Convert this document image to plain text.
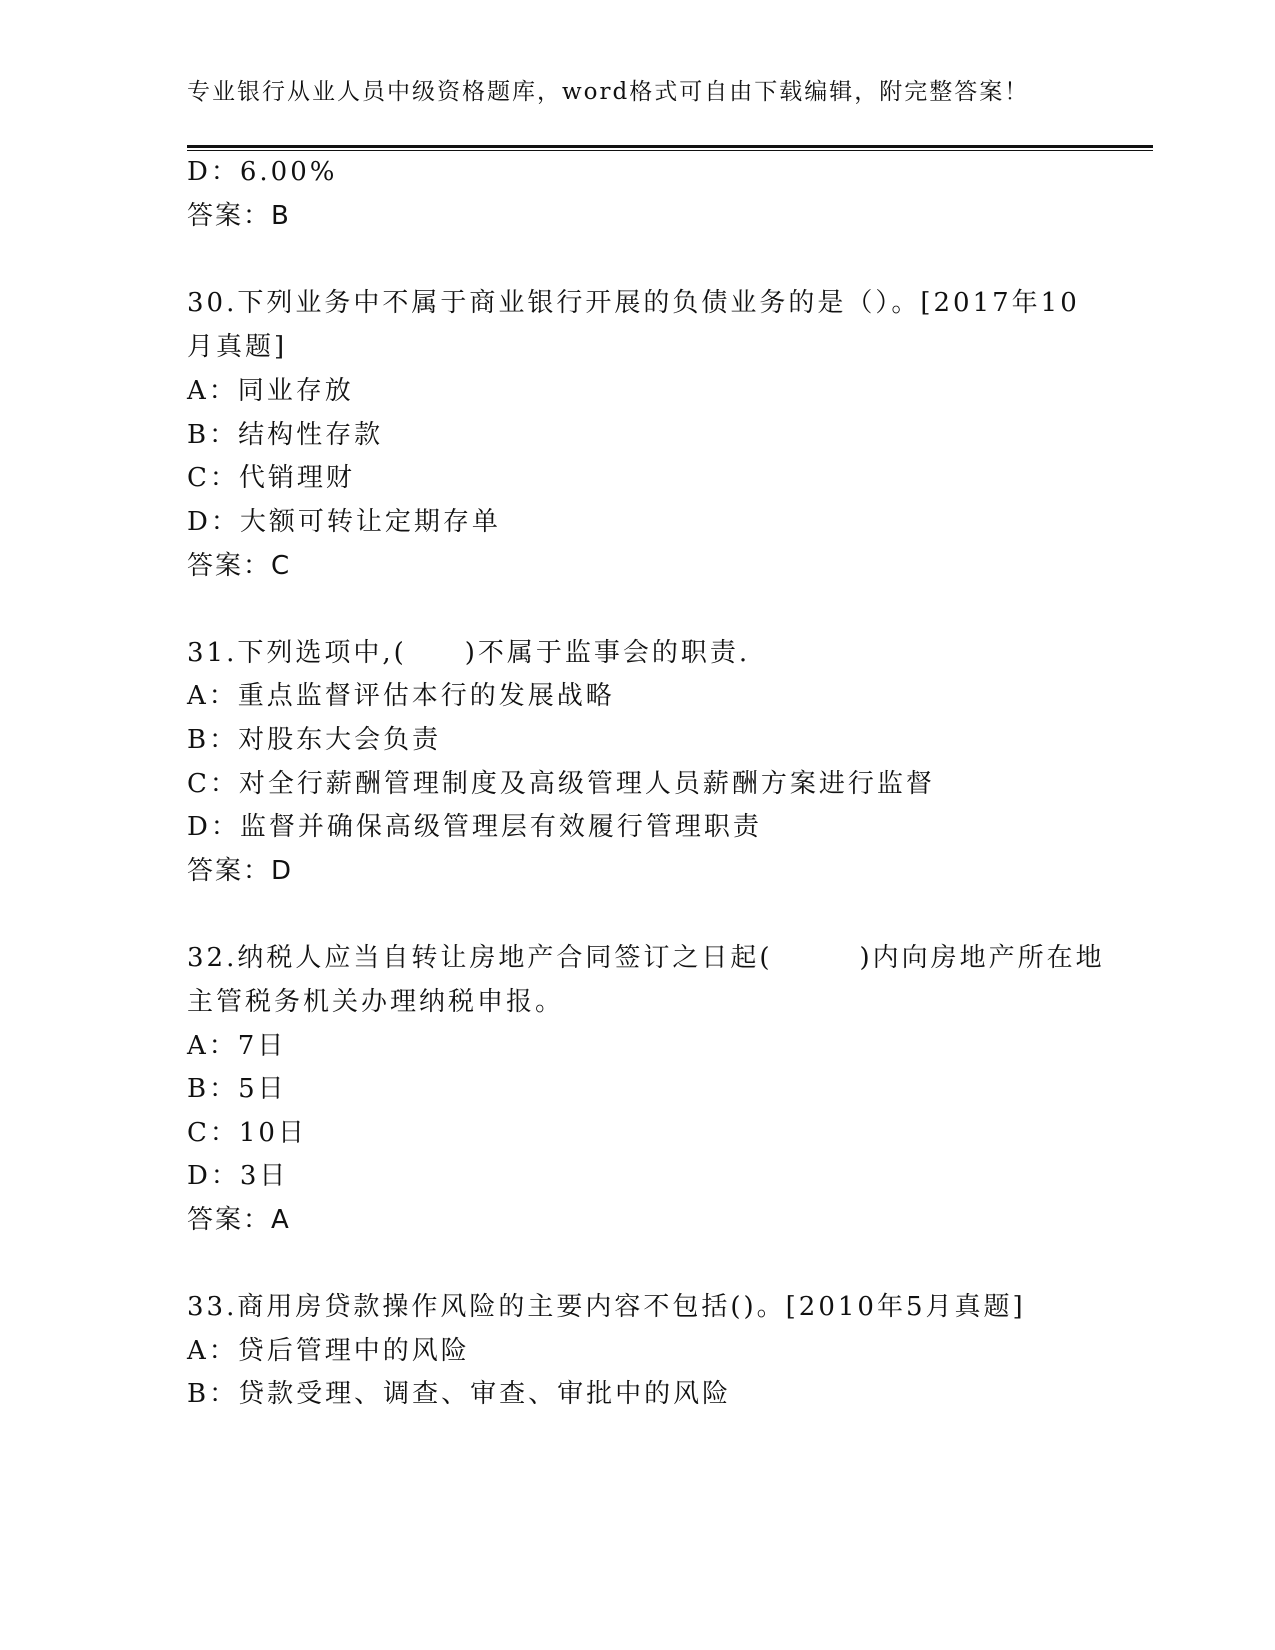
专业银行从业人员中级资格题库，word格式可自由下载编辑，附完整答案！
D：6.00%
答案：B
30.下列业务中不属于商业银行开展的负债业务的是（）。[2017年10
月真题]
A：同业存放
B：结构性存款
C：代销理财
D：大额可转让定期存单
答案：C
31.下列选项中,(　　)不属于监事会的职责.
A：重点监督评估本行的发展战略
B：对股东大会负责
C：对全行薪酬管理制度及高级管理人员薪酬方案进行监督
D：监督并确保高级管理层有效履行管理职责
答案：D
32.纳税人应当自转让房地产合同签订之日起(　　　)内向房地产所在地
主管税务机关办理纳税申报。
A：7日
B：5日
C：10日
D：3日
答案：A
33.商用房贷款操作风险的主要内容不包括()。[2010年5月真题]
A：贷后管理中的风险
B：贷款受理、调查、审查、审批中的风险
